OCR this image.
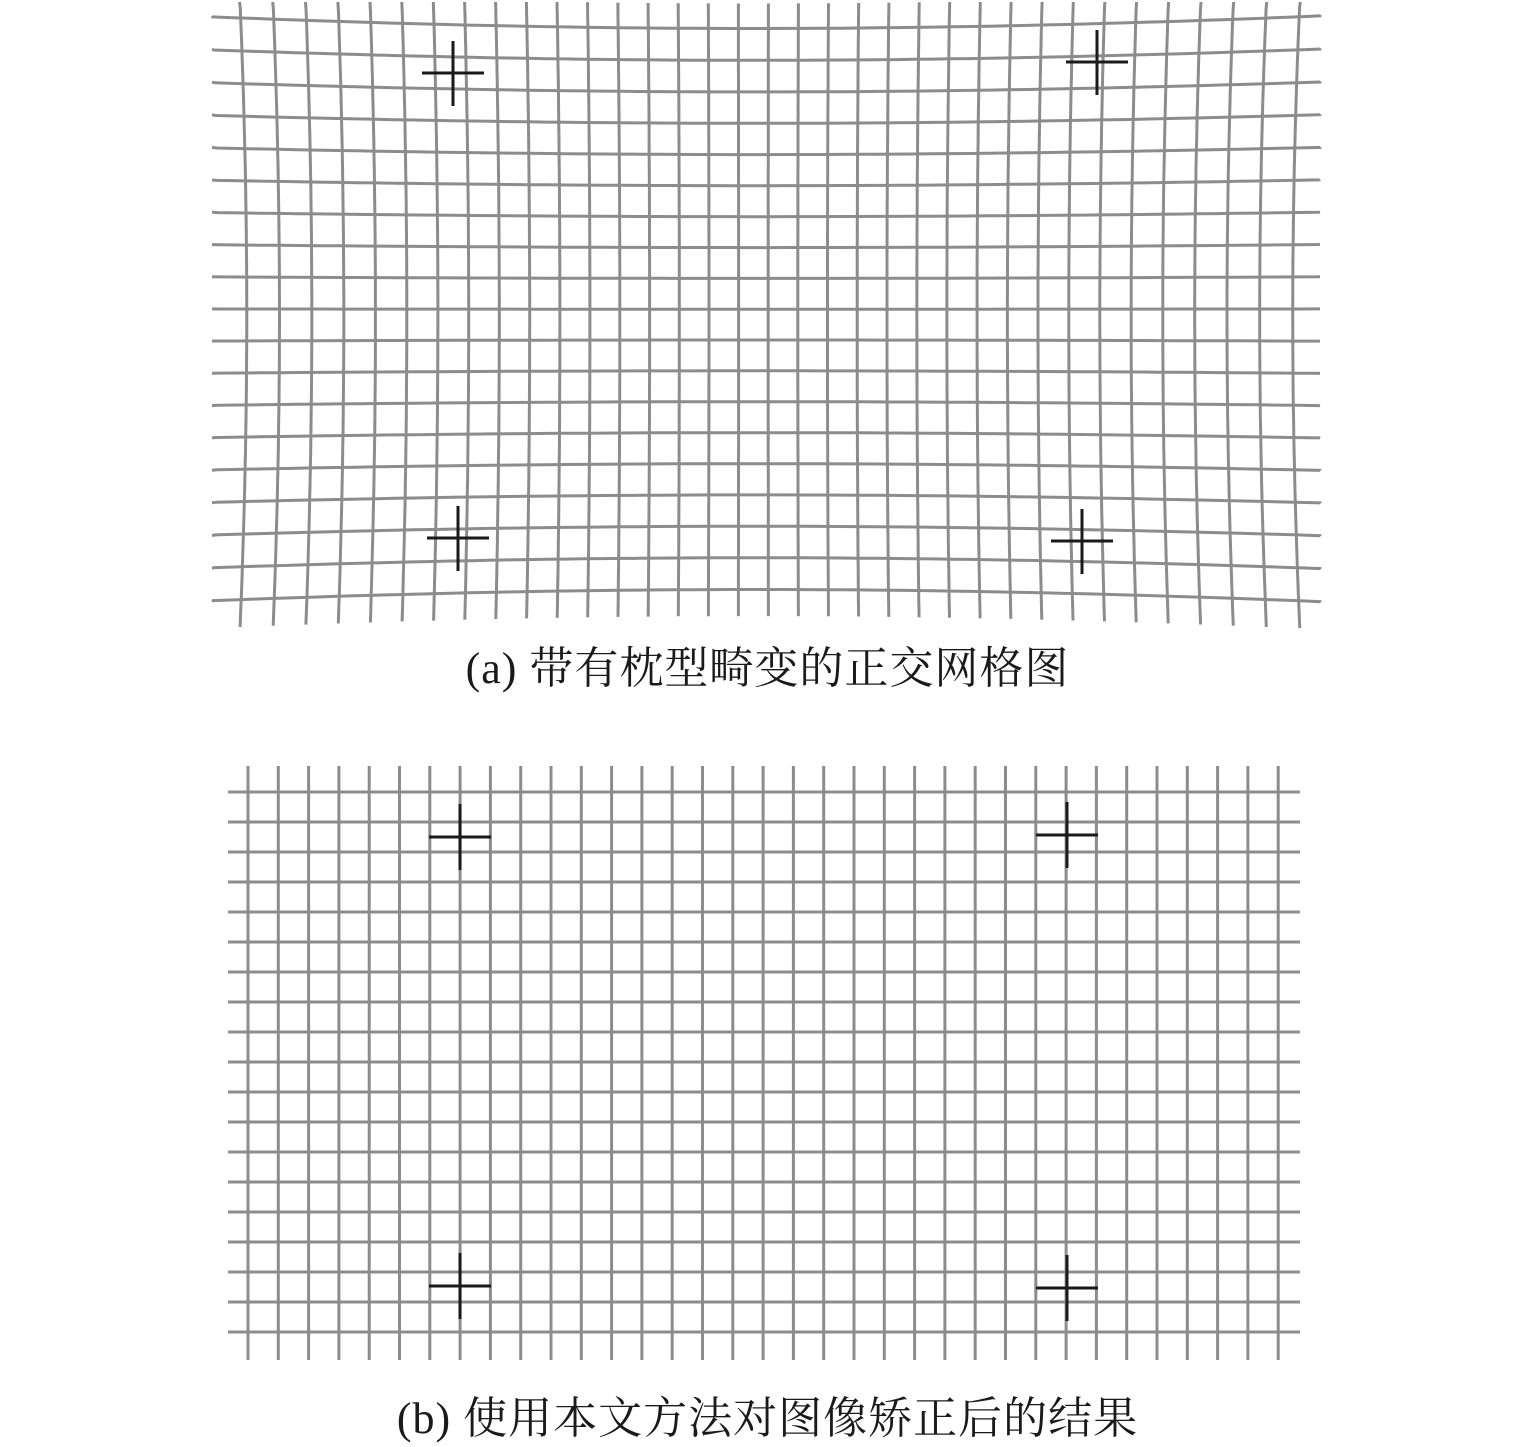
(a) 带有枕型畸变的正交网格图
(b) 使用本文方法对图像矫正后的结果
